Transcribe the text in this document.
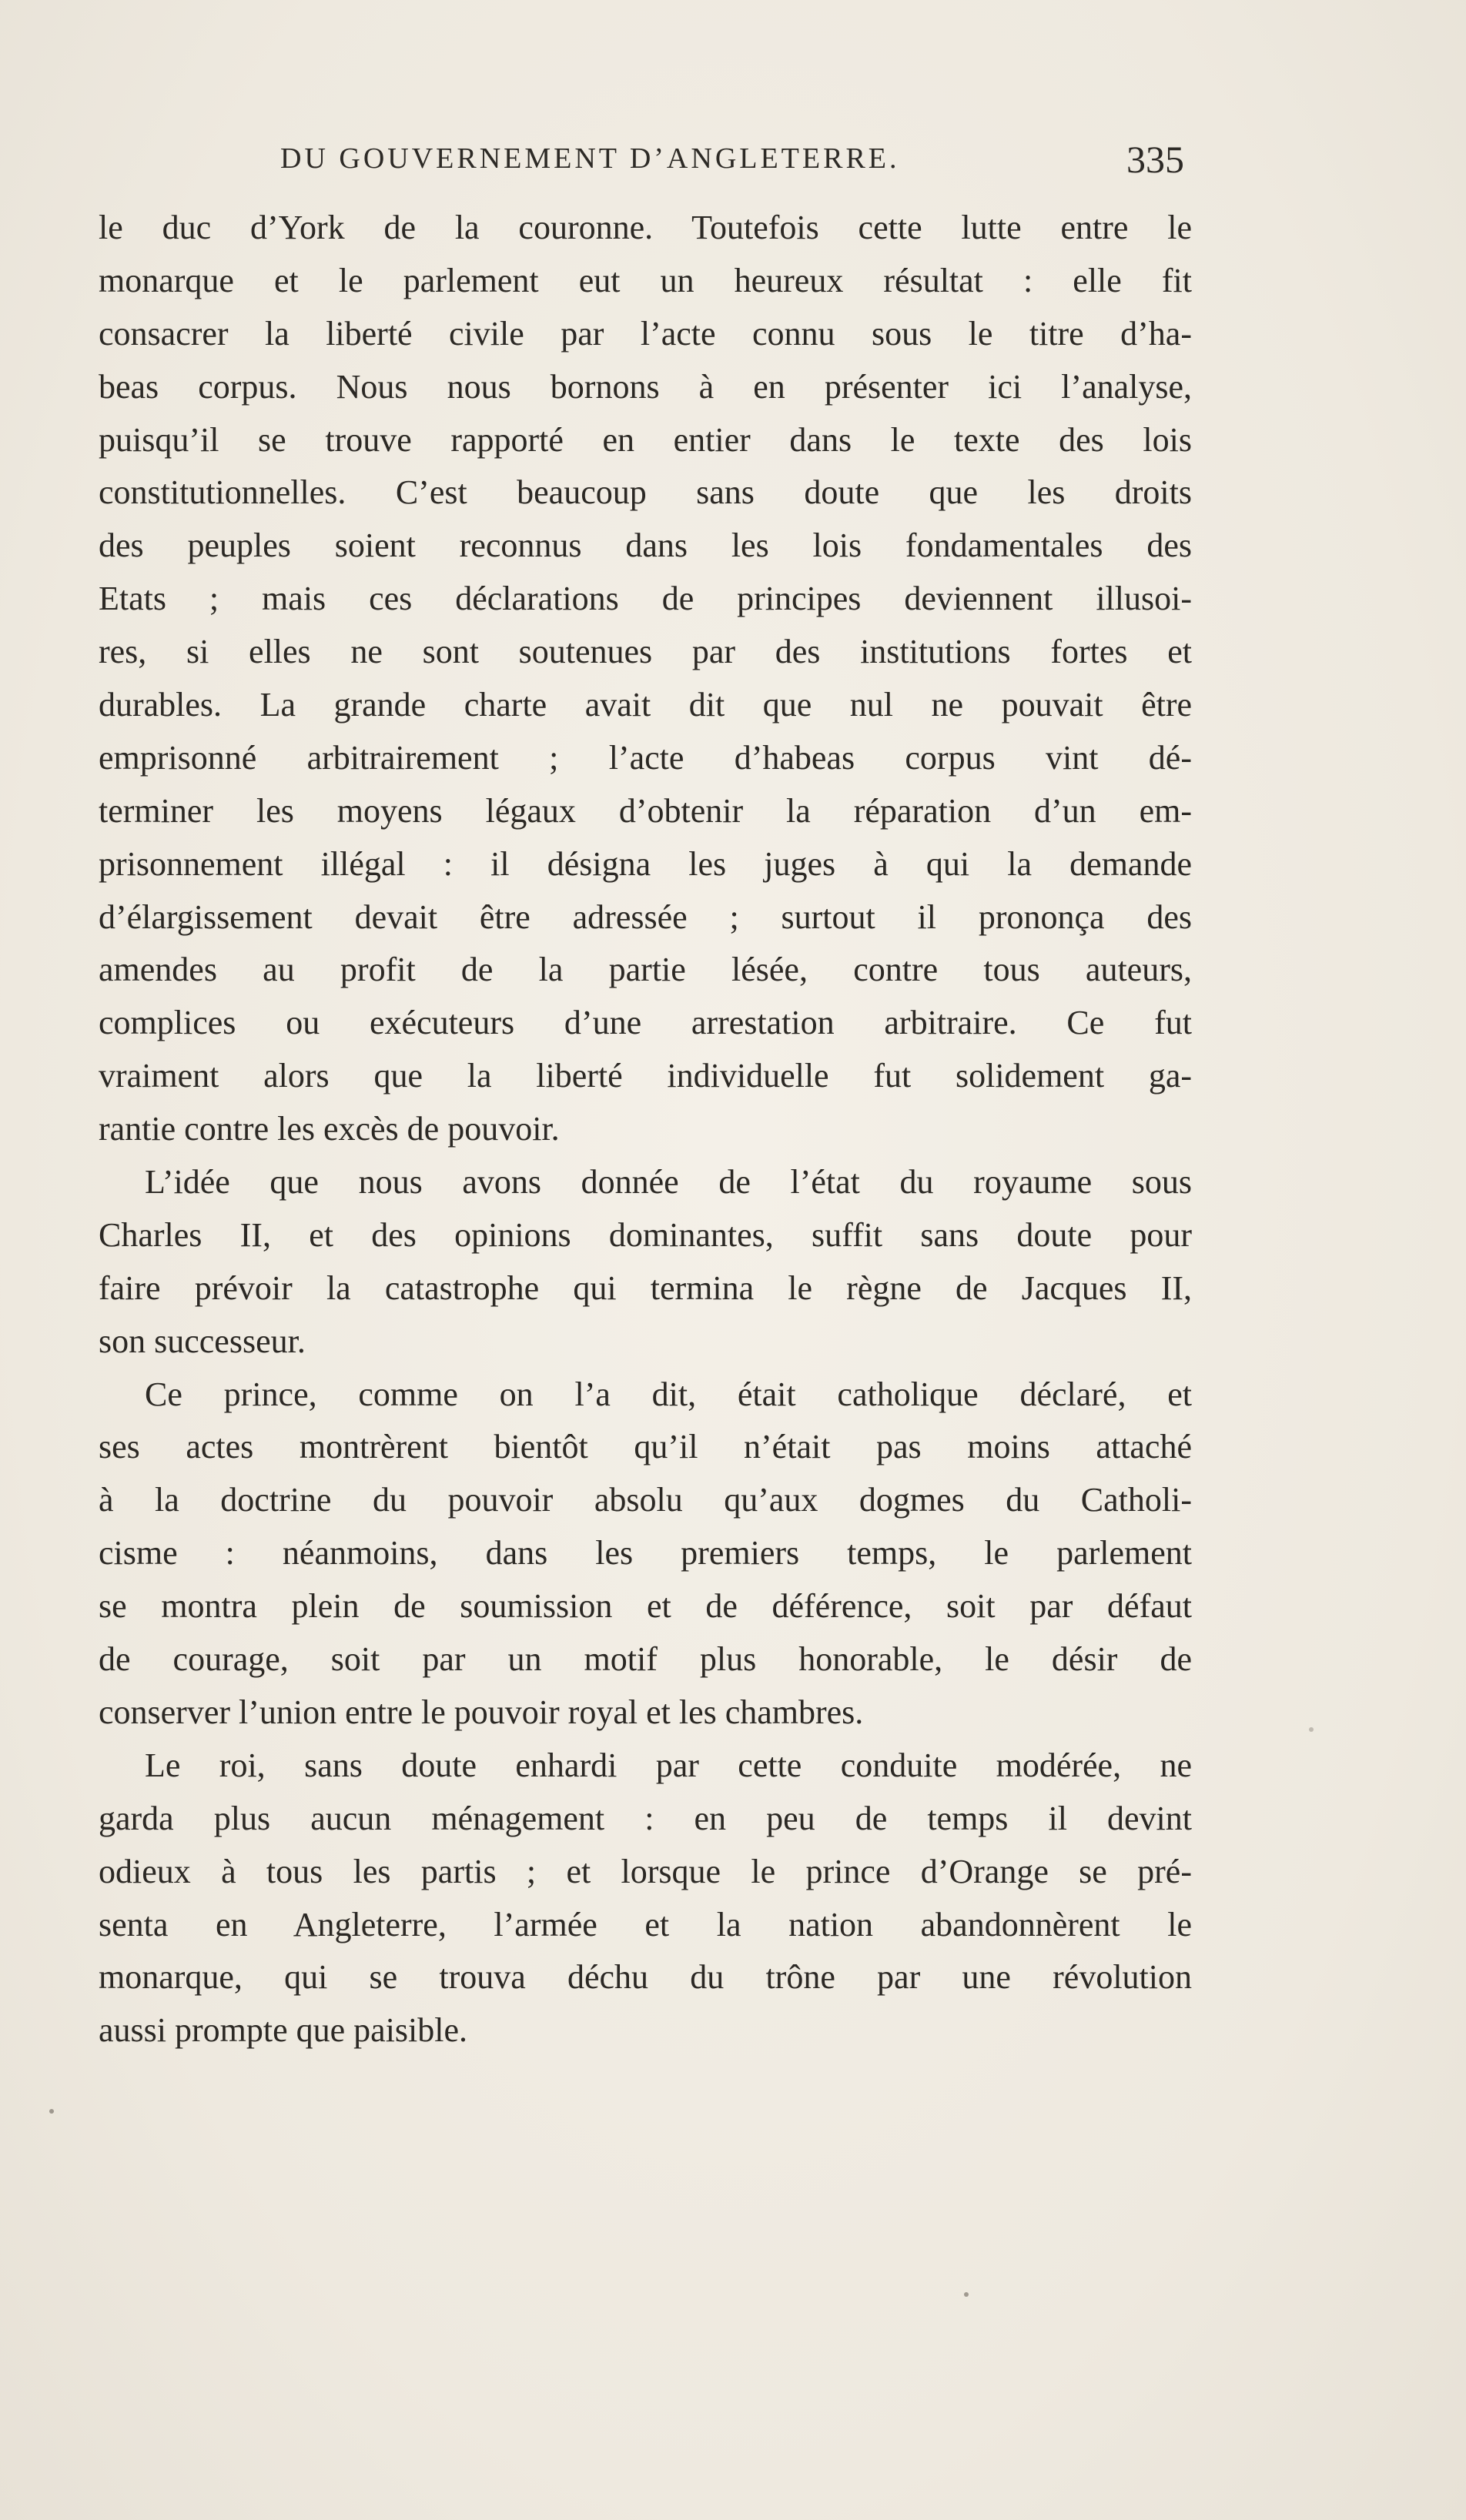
DU GOUVERNEMENT D’ANGLETERRE.	335
le duc d’York de la couronne. Toutefois cette lutte entre le
monarque et le parlement eut un heureux résultat : elle fit
consacrer la liberté civile par l’acte connu sous le titre d’ha-
beas corpus. Nous nous bornons à en présenter ici l’analyse,
puisqu’il se trouve rapporté en entier dans le texte des lois
constitutionnelles. C’est beaucoup sans doute que les droits
des peuples soient reconnus dans les lois fondamentales des
Etats ; mais ces déclarations de principes deviennent illusoi-
res, si elles ne sont soutenues par des institutions fortes et
durables. La grande charte avait dit que nul ne pouvait être
emprisonné arbitrairement ; l’acte d’habeas corpus vint dé-
terminer les moyens légaux d’obtenir la réparation d’un em-
prisonnement illégal : il désigna les juges à qui la demande
d’élargissement devait être adressée ; surtout il prononça des
amendes au profit de la partie lésée, contre tous auteurs,
complices ou exécuteurs d’une arrestation arbitraire. Ce fut
vraiment alors que la liberté individuelle fut solidement ga-
rantie contre les excès de pouvoir.
L’idée que nous avons donnée de l’état du royaume sous
Charles II, et des opinions dominantes, suffit sans doute pour
faire prévoir la catastrophe qui termina le règne de Jacques II,
son successeur.
Ce prince, comme on l’a dit, était catholique déclaré, et
ses actes montrèrent bientôt qu’il n’était pas moins attaché
à la doctrine du pouvoir absolu qu’aux dogmes du Catholi-
cisme : néanmoins, dans les premiers temps, le parlement
se montra plein de soumission et de déférence, soit par défaut
de courage, soit par un motif plus honorable, le désir de
conserver l’union entre le pouvoir royal et les chambres.
Le roi, sans doute enhardi par cette conduite modérée, ne
garda plus aucun ménagement : en peu de temps il devint
odieux à tous les partis ; et lorsque le prince d’Orange se pré-
senta en Angleterre, l’armée et la nation abandonnèrent le
monarque, qui se trouva déchu du trône par une révolution
aussi prompte que paisible.
